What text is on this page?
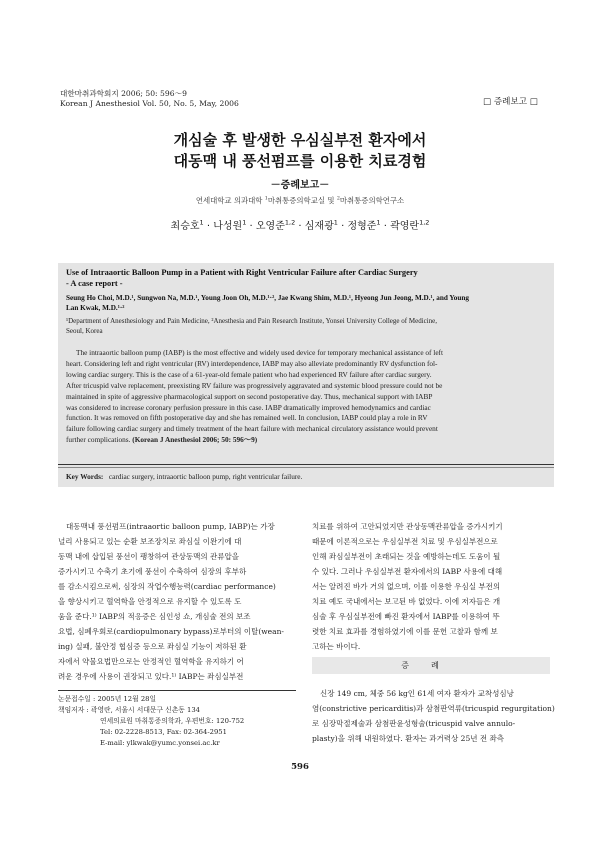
대한마취과학회지 2006; 50: 596～9
Korean J Anesthesiol Vol. 50, No. 5, May, 2006	□ 증례보고 □
개심술 후 발생한 우심실부전 환자에서
대동맥 내 풍선펌프를 이용한 치료경험
－증례보고－
연세대학교 의과대학 $^1$마취통증의학교실 및 $^2$마취통증의학연구소
최승호$^1$ · 나성원$^1$ · 오영준$^{1,2}$ · 심재광$^1$ · 정형준$^1$ · 곽영란$^{1,2}$
Use of Intraaortic Balloon Pump in a Patient with Right Ventricular Failure after Cardiac Surgery
- A case report -
Seung Ho Choi, M.D.¹, Sungwon Na, M.D.¹, Young Joon Oh, M.D.¹·², Jae Kwang Shim, M.D.¹, Hyeong Jun Jeong, M.D.¹, and Young
Lan Kwak, M.D.¹·²
¹Department of Anesthesiology and Pain Medicine, ²Anesthesia and Pain Research Institute, Yonsei University College of Medicine,
Seoul, Korea
The intraaortic balloon pump (IABP) is the most effective and widely used device for temporary mechanical assistance of left
heart. Considering left and right ventricular (RV) interdependence, IABP may also alleviate predominantly RV dysfunction fol-
lowing cardiac surgery. This is the case of a 61-year-old female patient who had experienced RV failure after cardiac surgery.
After tricuspid valve replacement, preexisting RV failure was progressively aggravated and systemic blood pressure could not be
maintained in spite of aggressive pharmacological support on second postoperative day. Thus, mechanical support with IABP
was considered to increase coronary perfusion pressure in this case. IABP dramatically improved hemodynamics and cardiac
function. It was removed on fifth postoperative day and she has remained well. In conclusion, IABP could play a role in RV
failure following cardiac surgery and timely treatment of the heart failure with mechanical circulatory assistance would prevent
further complications. (Korean J Anesthesiol 2006; 50: 596～9)
Key Words: cardiac surgery, intraaortic balloon pump, right ventricular failure.
대동맥내 풍선펌프(intraaortic balloon pump, IABP)는 가장
널리 사용되고 있는 순환 보조장치로 좌심실 이완기에 대
동맥 내에 삽입된 풍선이 팽창하여 관상동맥의 관류압을
증가시키고 수축기 초기에 풍선이 수축하여 심장의 후부하
를 감소시킴으로써, 심장의 작업수행능력(cardiac performance)
을 향상시키고 혈역학을 안정적으로 유지할 수 있도록 도
움을 준다.¹⁾ IABP의 적응증은 심인성 쇼, 개심술 전의 보조
요법, 심폐우회로(cardiopulmonary bypass)로부터의 이탈(wean-
ing) 실패, 불안정 협심증 등으로 좌심실 기능이 저하된 환
자에서 약물요법만으로는 안정적인 혈역학을 유지하기 어
려운 경우에 사용이 권장되고 있다.¹⁾ IABP는 좌심실부전
논문접수일 : 2005년 12월 28일
책임저자 : 곽영란, 서울시 서대문구 신촌동 134
연세의료원 마취통증의학과, 우편번호: 120-752
Tel: 02-2228-8513, Fax: 02-364-2951
E-mail: ylkwak@yumc.yonsei.ac.kr
치료를 위하여 고안되었지만 관상동맥관류압을 증가시키기
때문에 이론적으로는 우심실부전 치료 및 우심실부전으로
인해 좌심실부전이 초래되는 것을 예방하는데도 도움이 될
수 있다. 그러나 우심실부전 환자에서의 IABP 사용에 대해
서는 알려진 바가 거의 없으며, 이를 이용한 우심실 부전의
치료 예도 국내에서는 보고된 바 없었다. 이에 저자들은 개
심술 후 우심실부전에 빠진 환자에서 IABP를 이용하여 뚜
렷한 치료 효과를 경험하였기에 이를 문헌 고찰과 함께 보
고하는 바이다.
증례
신장 149 cm, 체중 56 kg인 61세 여자 환자가 교착성심낭
염(constrictive pericarditis)과 삼첨판역류(tricuspid regurgitation)
로 심장막절제술과 삼첨판윤성형술(tricuspid valve annulo-
plasty)을 위해 내원하였다. 환자는 과거력상 25년 전 좌측
596
